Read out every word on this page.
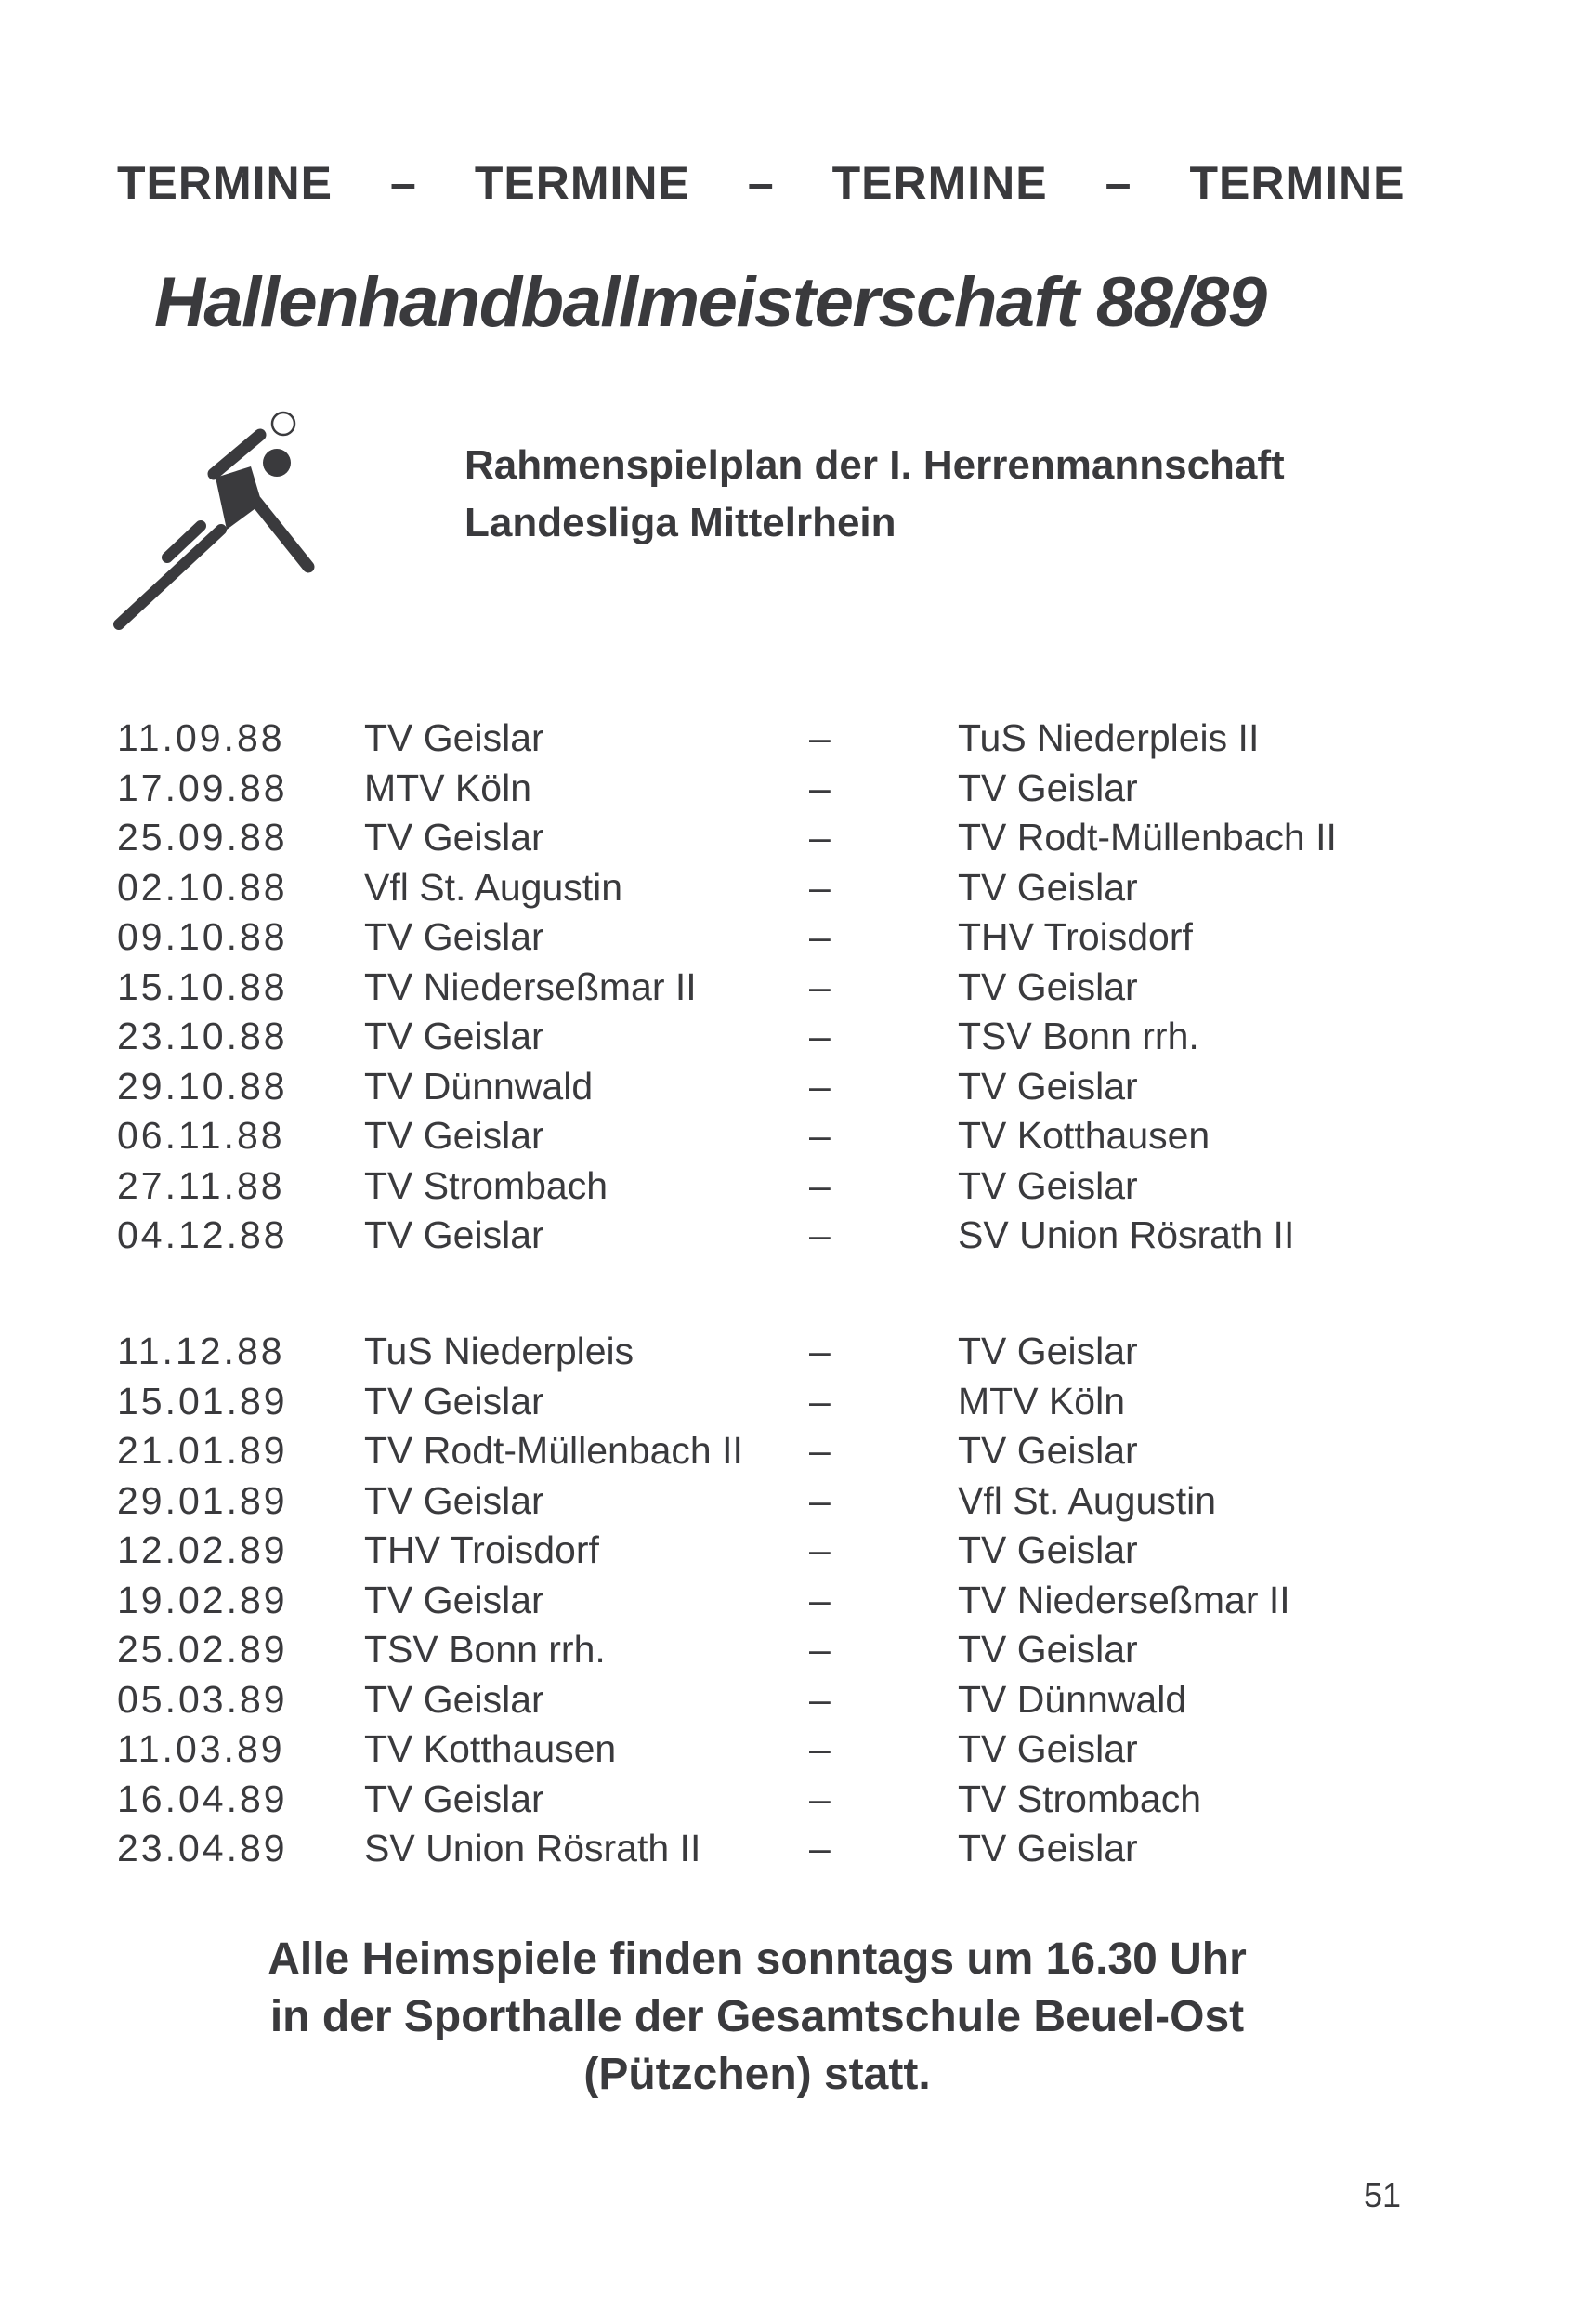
TERMINE – TERMINE – TERMINE – TERMINE
Hallenhandballmeisterschaft 88/89
Rahmenspielplan der I. Herrenmannschaft
Landesliga Mittelrhein
11.09.88 TV Geislar	–	TuS Niederpleis II
17.09.88 MTV Köln	–	TV Geislar
25.09.88 TV Geislar	–	TV Rodt-Müllenbach II
02.10.88 Vfl St. Augustin	–	TV Geislar
09.10.88 TV Geislar	–	THV Troisdorf
15.10.88 TV Niederseßmar II	–	TV Geislar
23.10.88 TV Geislar	–	TSV Bonn rrh.
29.10.88 TV Dünnwald	–	TV Geislar
06.11.88 TV Geislar	–	TV Kotthausen
27.11.88 TV Strombach	–	TV Geislar
04.12.88 TV Geislar	–	SV Union Rösrath II
11.12.88 TuS Niederpleis	–	TV Geislar
15.01.89 TV Geislar	–	MTV Köln
21.01.89 TV Rodt-Müllenbach II –	TV Geislar
29.01.89 TV Geislar	–	Vfl St. Augustin
12.02.89 THV Troisdorf	–	TV Geislar
19.02.89 TV Geislar	–	TV Niederseßmar II
25.02.89 TSV Bonn rrh.	–	TV Geislar
05.03.89 TV Geislar	–	TV Dünnwald
11.03.89 TV Kotthausen	–	TV Geislar
16.04.89 TV Geislar	–	TV Strombach
23.04.89 SV Union Rösrath II	–	TV Geislar
Alle Heimspiele finden sonntags um 16.30 Uhr
in der Sporthalle der Gesamtschule Beuel-Ost
(Pützchen) statt.
51
